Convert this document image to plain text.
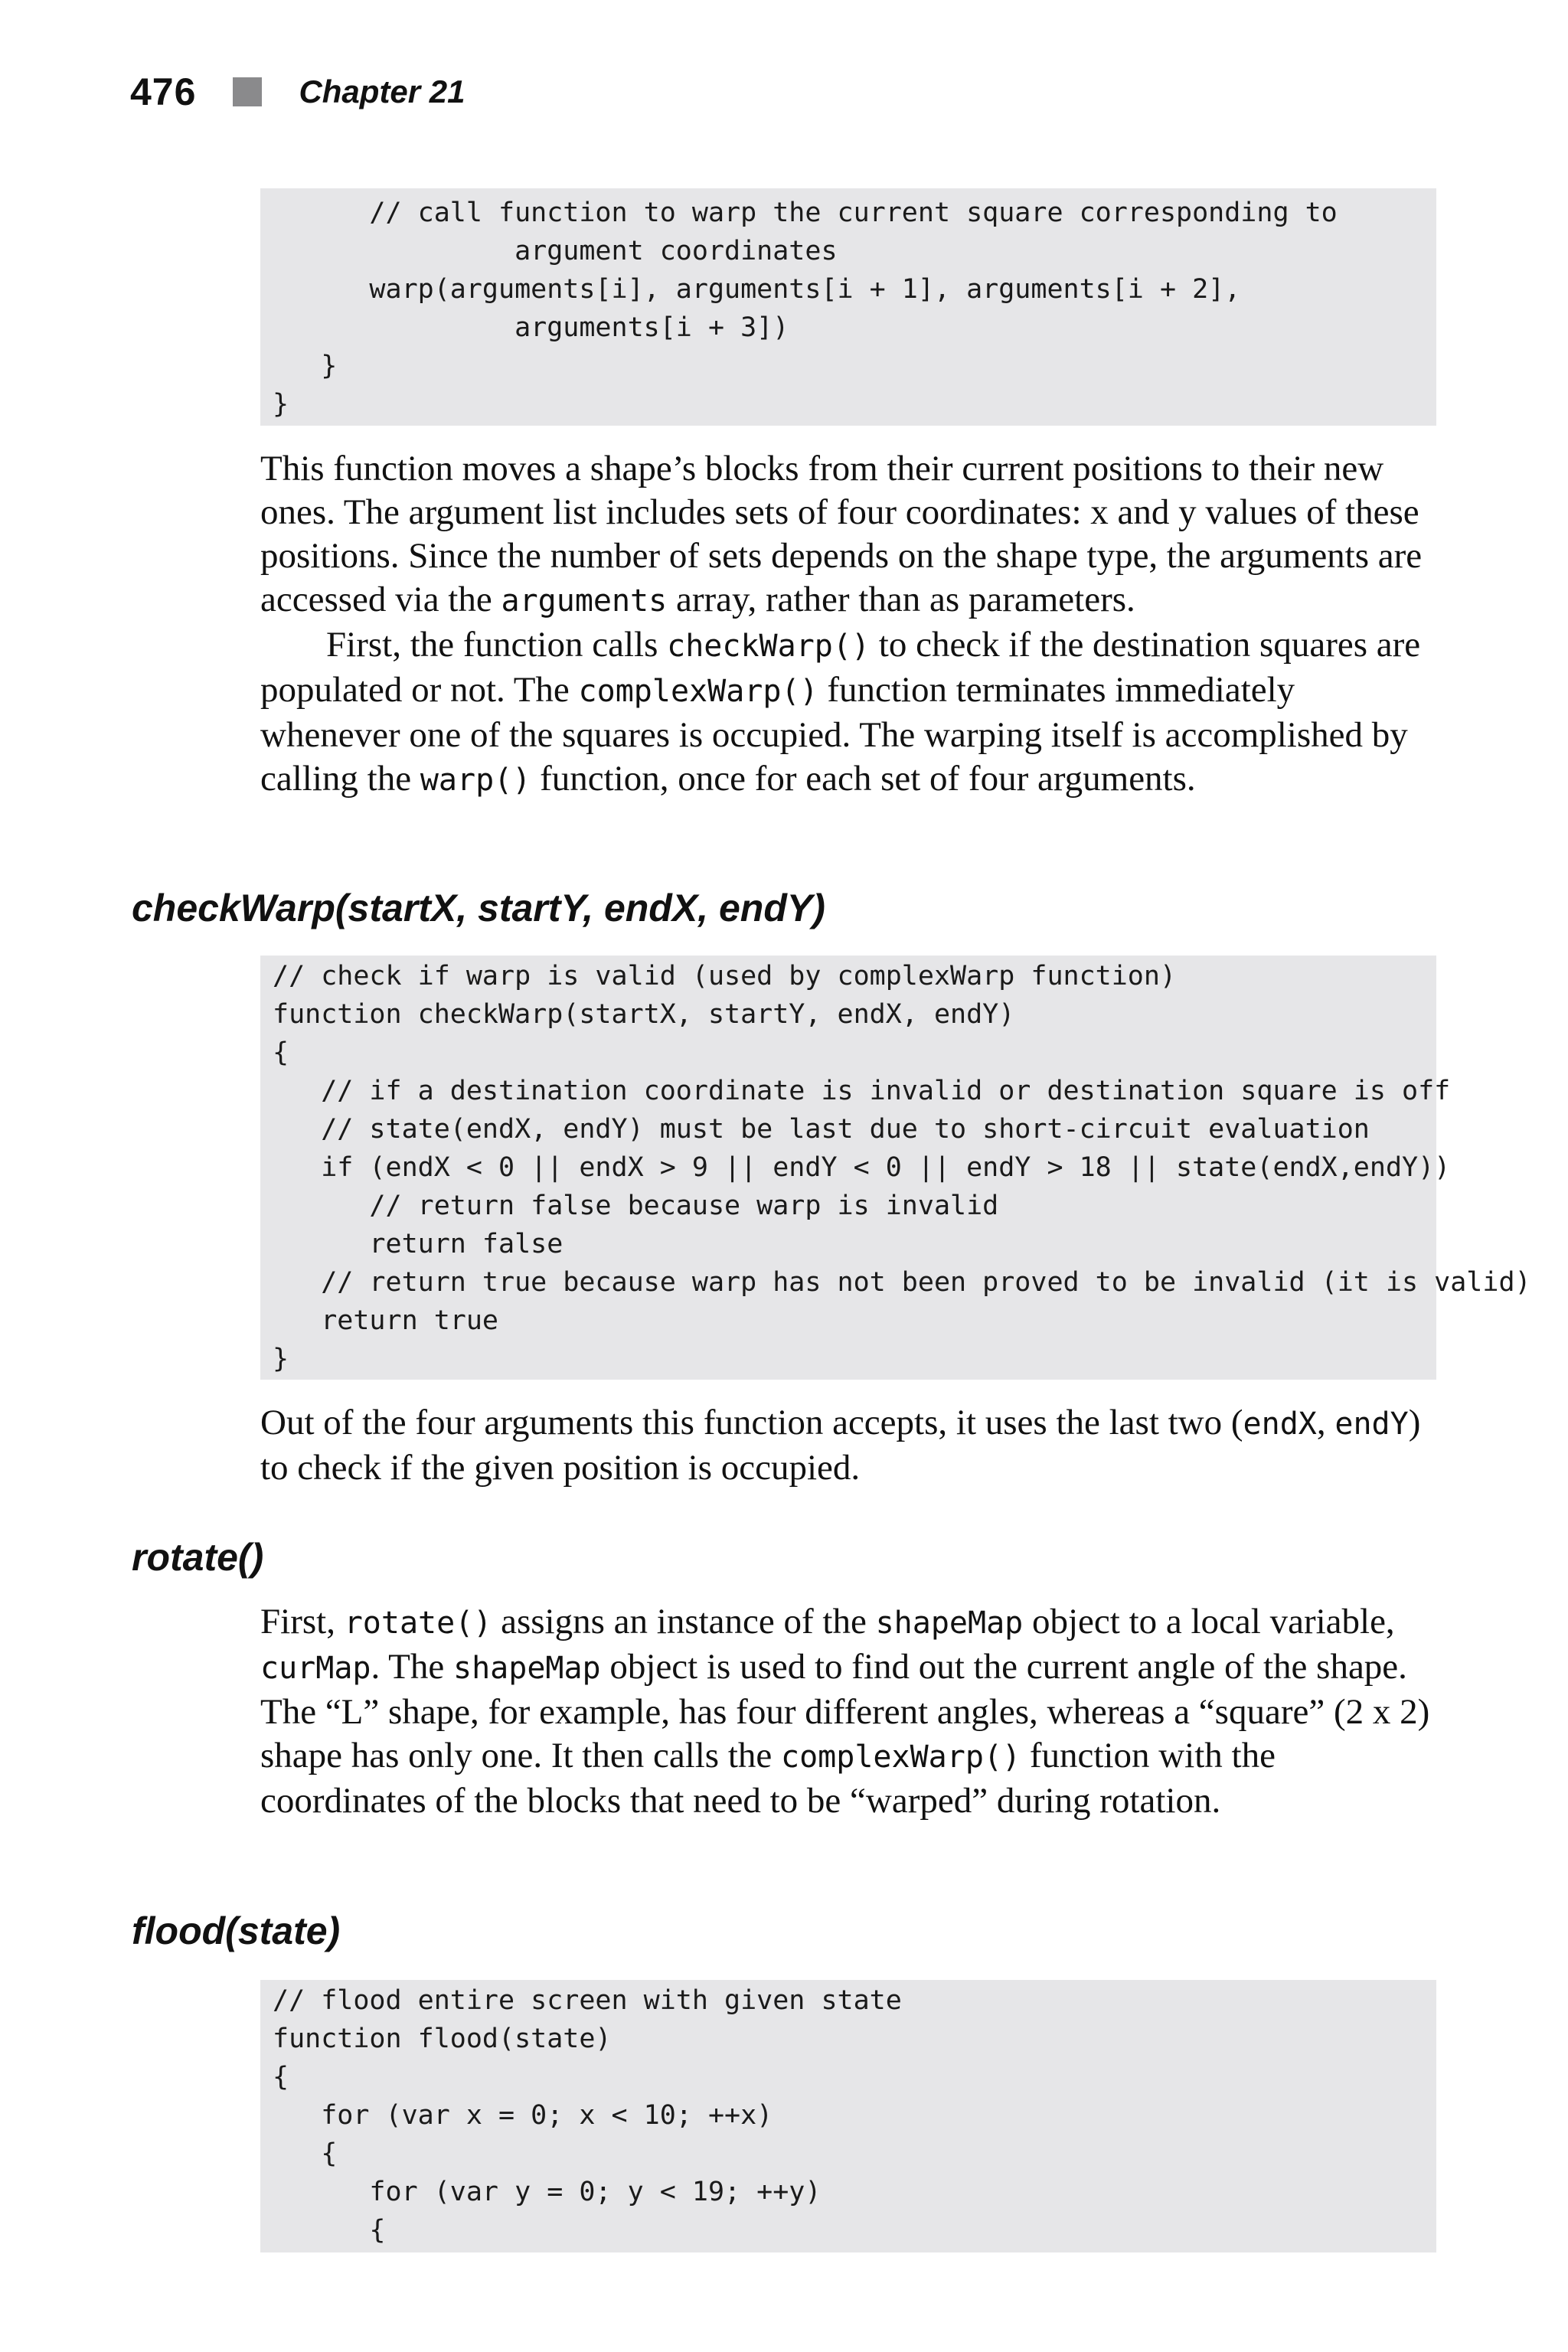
476	Chapter 21
// call function to warp the current square corresponding to
argument coordinates
warp(arguments[i], arguments[i + 1], arguments[i + 2],
arguments[i + 3])
}
}

This function moves a shape’s blocks from their current positions to their new ones. The argument list includes sets of four coordinates: x and y values of these positions. Since the number of sets depends on the shape type, the arguments are accessed via the arguments array, rather than as parameters.

First, the function calls checkWarp() to check if the destination squares are populated or not. The complexWarp() function terminates immediately whenever one of the squares is occupied. The warping itself is accomplished by calling the warp() function, once for each set of four arguments.

checkWarp(startX, startY, endX, endY)
// check if warp is valid (used by complexWarp function)
function checkWarp(startX, startY, endX, endY)
{
// if a destination coordinate is invalid or destination square is off
// state(endX, endY) must be last due to short-circuit evaluation
if (endX < 0 || endX > 9 || endY < 0 || endY > 18 || state(endX,endY))
// return false because warp is invalid
return false
// return true because warp has not been proved to be invalid (it is valid)
return true
}

Out of the four arguments this function accepts, it uses the last two (endX, endY) to check if the given position is occupied.

rotate()

First, rotate() assigns an instance of the shapeMap object to a local variable, curMap. The shapeMap object is used to find out the current angle of the shape. The “L” shape, for example, has four different angles, whereas a “square” (2 x 2) shape has only one. It then calls the complexWarp() function with the coordinates of the blocks that need to be “warped” during rotation.

flood(state)
// flood entire screen with given state
function flood(state)
{
for (var x = 0; x < 10; ++x)
{
for (var y = 0; y < 19; ++y)
{
